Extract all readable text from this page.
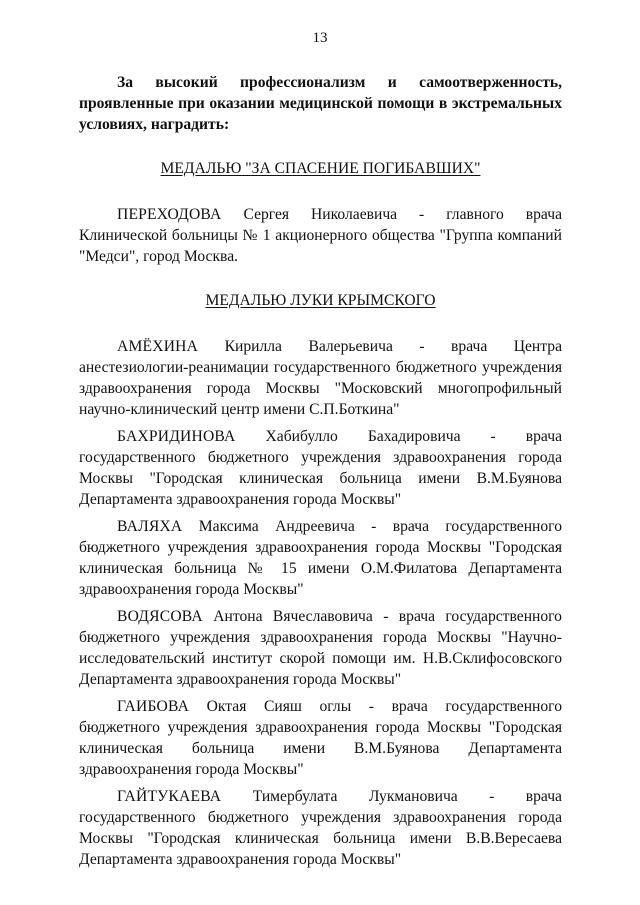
13

За высокий профессионализм и самоотверженность, проявленные при оказании медицинской помощи в экстремальных условиях, наградить:

МЕДАЛЬЮ "ЗА СПАСЕНИЕ ПОГИБАВШИХ"

ПЕРЕХОДОВА Сергея Николаевича - главного врача Клинической больницы № 1 акционерного общества "Группа компаний "Медси", город Москва.

МЕДАЛЬЮ ЛУКИ КРЫМСКОГО

АМЁХИНА Кирилла Валерьевича - врача Центра анестезиологии-реанимации государственного бюджетного учреждения здравоохранения города Москвы "Московский многопрофильный научно-клинический центр имени С.П.Боткина"

БАХРИДИНОВА Хабибулло Бахадировича - врача государственного бюджетного учреждения здравоохранения города Москвы "Городская клиническая больница имени В.М.Буянова Департамента здравоохранения города Москвы"

ВАЛЯХА Максима Андреевича - врача государственного бюджетного учреждения здравоохранения города Москвы "Городская клиническая больница № 15 имени О.М.Филатова Департамента здравоохранения города Москвы"

ВОДЯСОВА Антона Вячеславовича - врача государственного бюджетного учреждения здравоохранения города Москвы "Научно-исследовательский институт скорой помощи им. Н.В.Склифосовского Департамента здравоохранения города Москвы"

ГАИБОВА Октая Сияш оглы - врача государственного бюджетного учреждения здравоохранения города Москвы "Городская клиническая больница имени В.М.Буянова Департамента здравоохранения города Москвы"

ГАЙТУКАЕВА Тимербулата Лукмановича - врача государственного бюджетного учреждения здравоохранения города Москвы "Городская клиническая больница имени В.В.Вересаева Департамента здравоохранения города Москвы"
